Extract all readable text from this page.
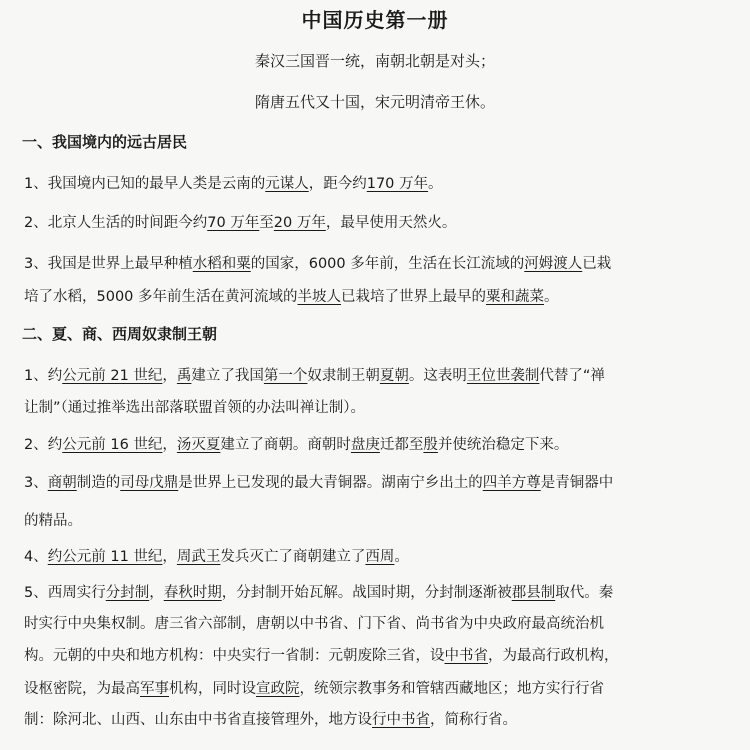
中国历史第一册
秦汉三国晋一统，南朝北朝是对头；
隋唐五代又十国，宋元明清帝王休。
一、我国境内的远古居民
1、我国境内已知的最早人类是云南的元谋人，距今约170 万年。
2、北京人生活的时间距今约70 万年至20 万年，最早使用天然火。
3、我国是世界上最早种植水稻和粟的国家，6000 多年前，生活在长江流域的河姆渡人已栽
培了水稻，5000 多年前生活在黄河流域的半坡人已栽培了世界上最早的粟和蔬菜。
二、夏、商、西周奴隶制王朝
1、约公元前 21 世纪，禹建立了我国第一个奴隶制王朝夏朝。这表明王位世袭制代替了“禅
让制”（通过推举选出部落联盟首领的办法叫禅让制）。
2、约公元前 16 世纪，汤灭夏建立了商朝。商朝时盘庚迁都至殷并使统治稳定下来。
3、商朝制造的司母戊鼎是世界上已发现的最大青铜器。湖南宁乡出土的四羊方尊是青铜器中
的精品。
4、约公元前 11 世纪，周武王发兵灭亡了商朝建立了西周。
5、西周实行分封制，春秋时期，分封制开始瓦解。战国时期，分封制逐渐被郡县制取代。秦
时实行中央集权制。唐三省六部制，唐朝以中书省、门下省、尚书省为中央政府最高统治机
构。元朝的中央和地方机构：中央实行一省制：元朝废除三省，设中书省，为最高行政机构，
设枢密院，为最高军事机构，同时设宣政院，统领宗教事务和管辖西藏地区；地方实行行省
制：除河北、山西、山东由中书省直接管理外，地方设行中书省，简称行省。
